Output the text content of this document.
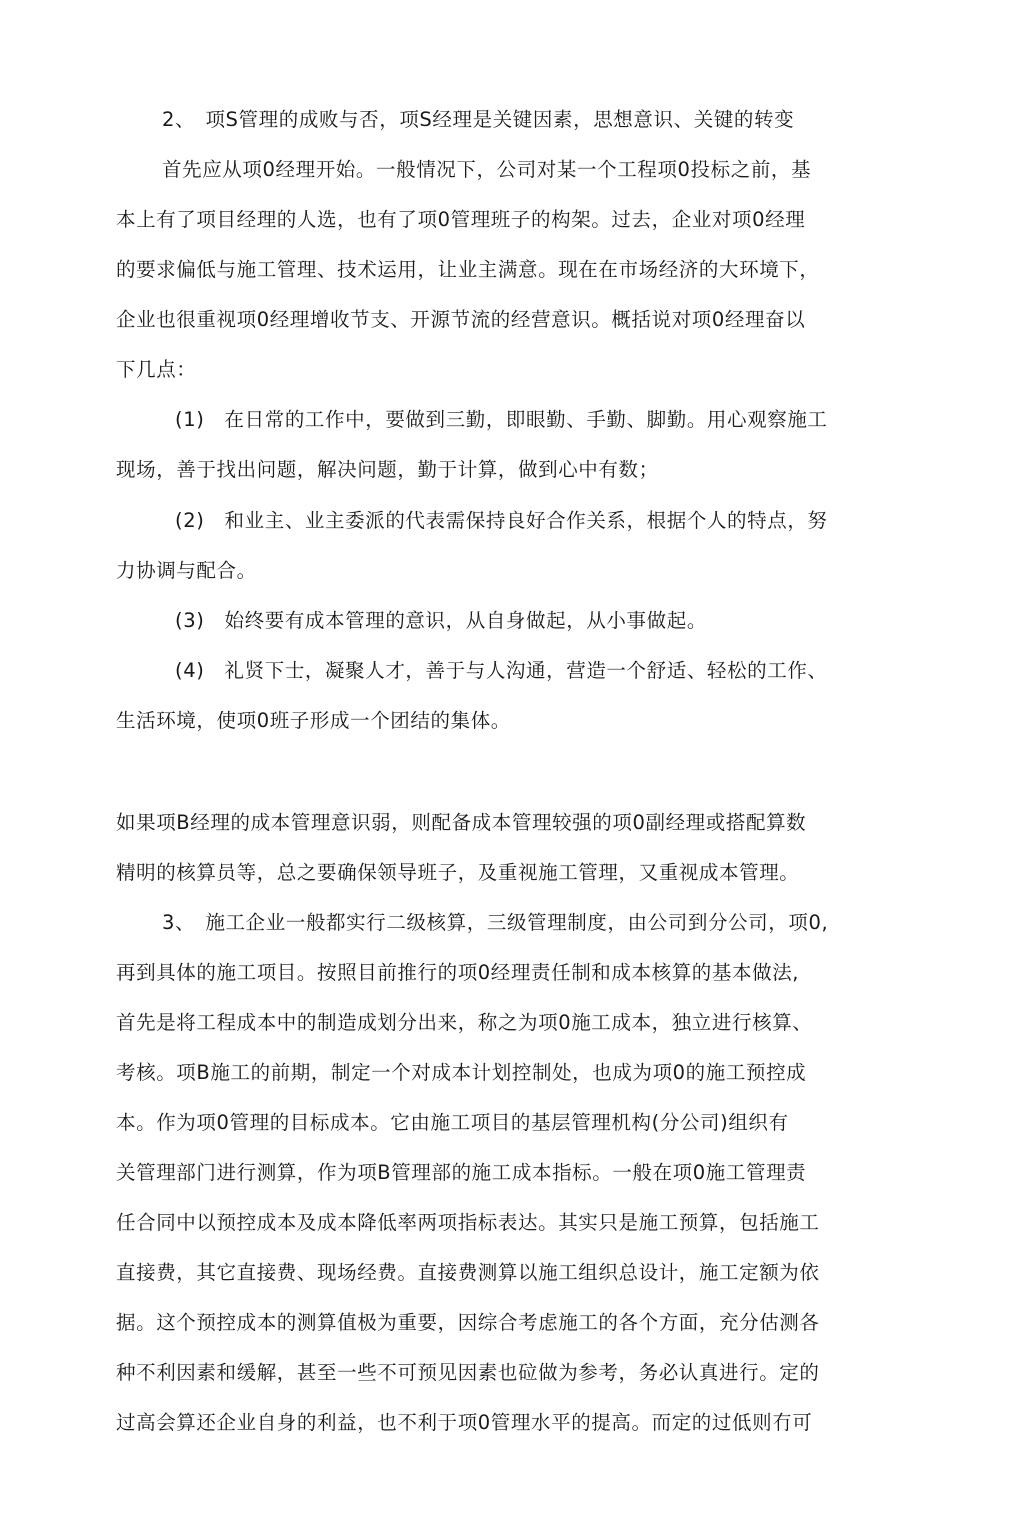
2、　项S管理的成败与否，项S经理是关键因素，思想意识、关键的转变
首先应从项0经理开始。一般情况下，公司对某一个工程项0投标之前，基
本上有了项目经理的人选，也有了项0管理班子的构架。过去，企业对项0经理
的要求偏低与施工管理、技术运用，让业主满意。现在在市场经济的大环境下，
企业也很重视项0经理增收节支、开源节流的经营意识。概括说对项0经理奋以
下几点：
(1)　在日常的工作中，要做到三勤，即眼勤、手勤、脚勤。用心观察施工
现场，善于找出问题，解决问题，勤于计算，做到心中有数；
(2)　和业主、业主委派的代表需保持良好合作关系，根据个人的特点，努
力协调与配合。
(3)　始终要有成本管理的意识，从自身做起，从小事做起。
(4)　礼贤下士，凝聚人才，善于与人沟通，营造一个舒适、轻松的工作、
生活环境，使项0班子形成一个团结的集体。
如果项B经理的成本管理意识弱，则配备成本管理较强的项0副经理或搭配算数
精明的核算员等，总之要确保领导班子，及重视施工管理，又重视成本管理。
3、　施工企业一般都实行二级核算，三级管理制度，由公司到分公司，项0,
再到具体的施工项目。按照目前推行的项0经理责任制和成本核算的基本做法,
首先是将工程成本中的制造成划分出来，称之为项0施工成本，独立进行核算、
考核。项B施工的前期，制定一个对成本计划控制处，也成为项0的施工预控成
本。作为项0管理的目标成本。它由施工项目的基层管理机构(分公司)组织有
关管理部门进行测算，作为项B管理部的施工成本指标。一般在项0施工管理责
任合同中以预控成本及成本降低率两项指标表达。其实只是施工预算，包括施工
直接费，其它直接费、现场经费。直接费测算以施工组织总设计，施工定额为依
据。这个预控成本的测算值极为重要，因综合考虑施工的各个方面，充分估测各
种不利因素和缓解，甚至一些不可预见因素也砬做为参考，务必认真进行。定的
过高会算还企业自身的利益，也不利于项0管理水平的提高。而定的过低则冇可
